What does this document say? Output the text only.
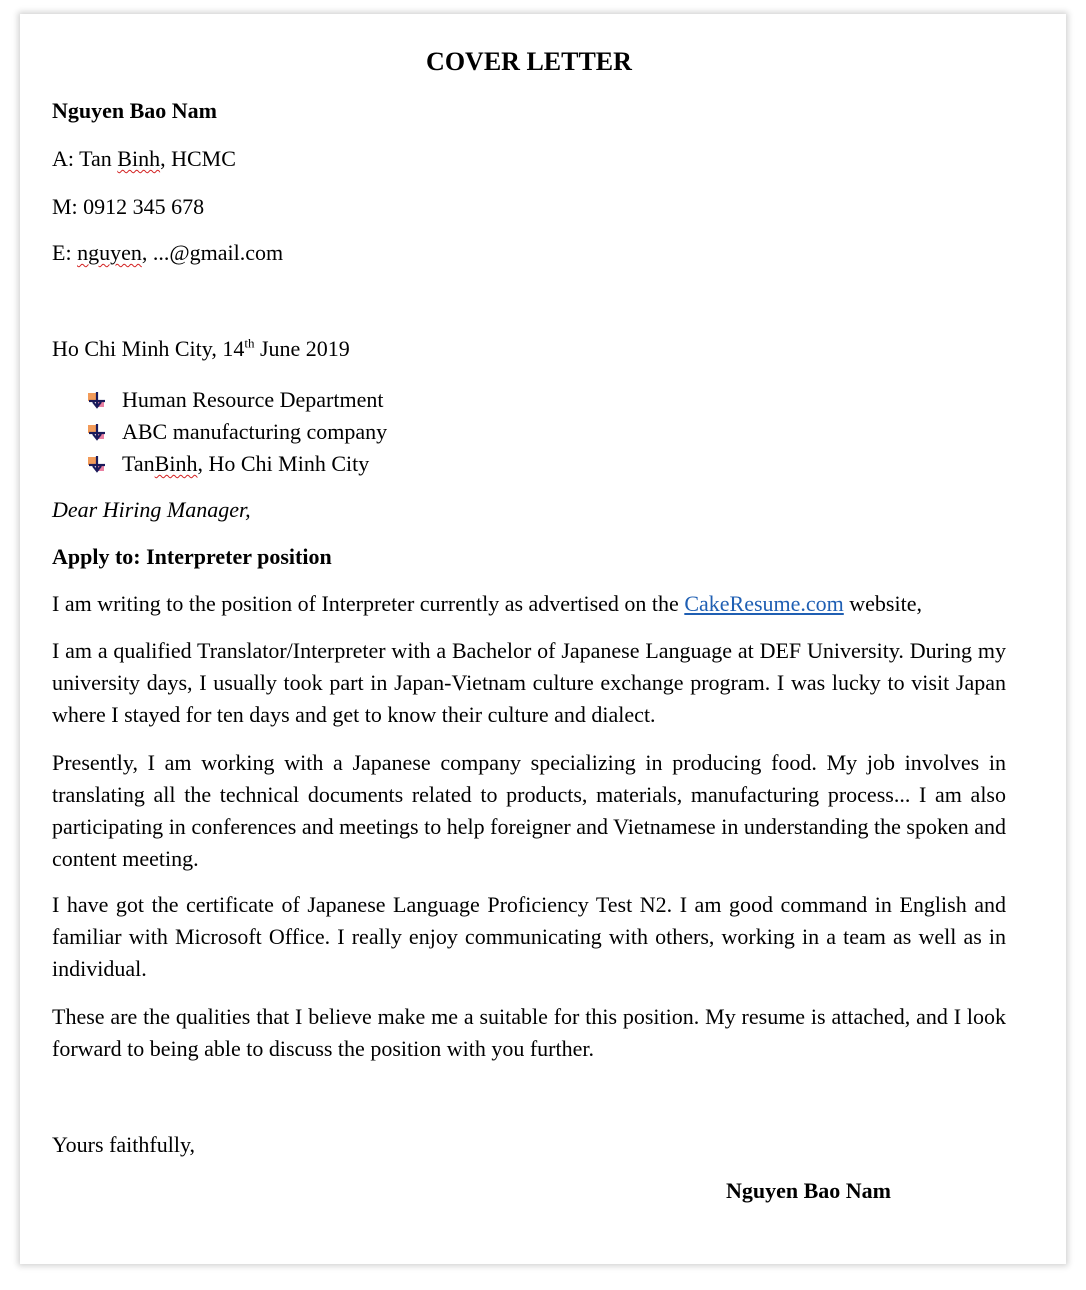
COVER LETTER
Nguyen Bao Nam
A: Tan Binh, HCMC
M: 0912 345 678
E: nguyen, ...@gmail.com
Ho Chi Minh City, 14th June 2019
Human Resource Department
ABC manufacturing company
Tan Binh , Ho Chi Minh City
Dear Hiring Manager,
Apply to: Interpreter position
I am writing to the position of Interpreter currently as advertised on the CakeResume.com website,
I am a qualified Translator/Interpreter with a Bachelor of Japanese Language at DEF University. During my university days, I usually took part in Japan-Vietnam culture exchange program. I was lucky to visit Japan where I stayed for ten days and get to know their culture and dialect.
Presently, I am working with a Japanese company specializing in producing food. My job involves in translating all the technical documents related to products, materials, manufacturing process... I am also participating in conferences and meetings to help foreigner and Vietnamese in understanding the spoken and content meeting.
I have got the certificate of Japanese Language Proficiency Test N2. I am good command in English and familiar with Microsoft Office. I really enjoy communicating with others, working in a team as well as in individual.
These are the qualities that I believe make me a suitable for this position. My resume is attached, and I look forward to being able to discuss the position with you further.
Yours faithfully,
Nguyen Bao Nam
